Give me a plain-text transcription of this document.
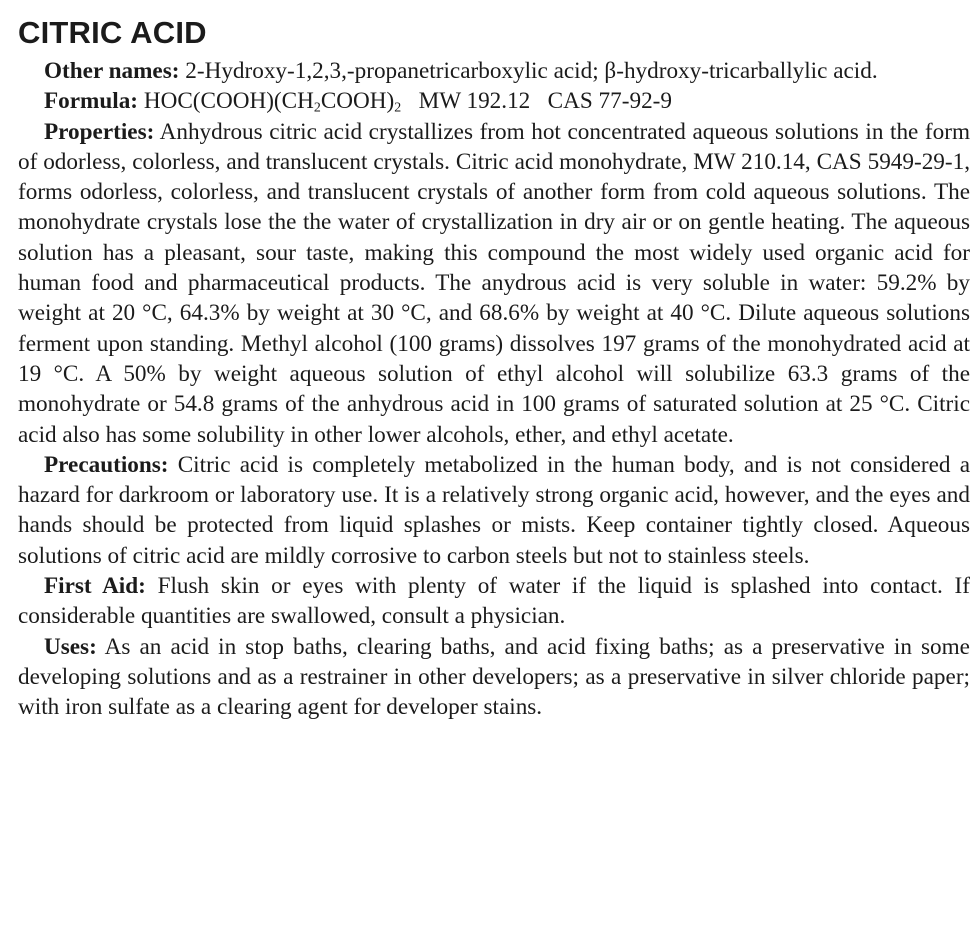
CITRIC ACID

Other names: 2-Hydroxy-1,2,3,-propanetricarboxylic acid; β-hydroxy-tricarballylic acid.

Formula: $HOC(COOH)(CH_2COOH)_2$ MW 192.12 CAS 77-92-9

Properties: Anhydrous citric acid crystallizes from hot concentrated aqueous solutions in the form of odorless, colorless, and translucent crystals. Citric acid monohydrate, MW 210.14, CAS 5949-29-1, forms odorless, colorless, and translucent crystals of another form from cold aqueous solutions. The monohydrate crystals lose the the water of crystallization in dry air or on gentle heating. The aqueous solution has a pleasant, sour taste, making this compound the most widely used organic acid for human food and pharmaceutical products. The anydrous acid is very soluble in water: 59.2% by weight at 20 °C, 64.3% by weight at 30 °C, and 68.6% by weight at 40 °C. Dilute aqueous solutions ferment upon standing. Methyl alcohol (100 grams) dissolves 197 grams of the monohydrated acid at 19 °C. A 50% by weight aqueous solution of ethyl alcohol will solubilize 63.3 grams of the monohydrate or 54.8 grams of the anhydrous acid in 100 grams of saturated solution at 25 °C. Citric acid also has some solubility in other lower alcohols, ether, and ethyl acetate.

Precautions: Citric acid is completely metabolized in the human body, and is not considered a hazard for darkroom or laboratory use. It is a relatively strong organic acid, however, and the eyes and hands should be protected from liquid splashes or mists. Keep container tightly closed. Aqueous solutions of citric acid are mildly corrosive to carbon steels but not to stainless steels.

First Aid: Flush skin or eyes with plenty of water if the liquid is splashed into contact. If considerable quantities are swallowed, consult a physician.

Uses: As an acid in stop baths, clearing baths, and acid fixing baths; as a preservative in some developing solutions and as a restrainer in other developers; as a preservative in silver chloride paper; with iron sulfate as a clearing agent for developer stains.
